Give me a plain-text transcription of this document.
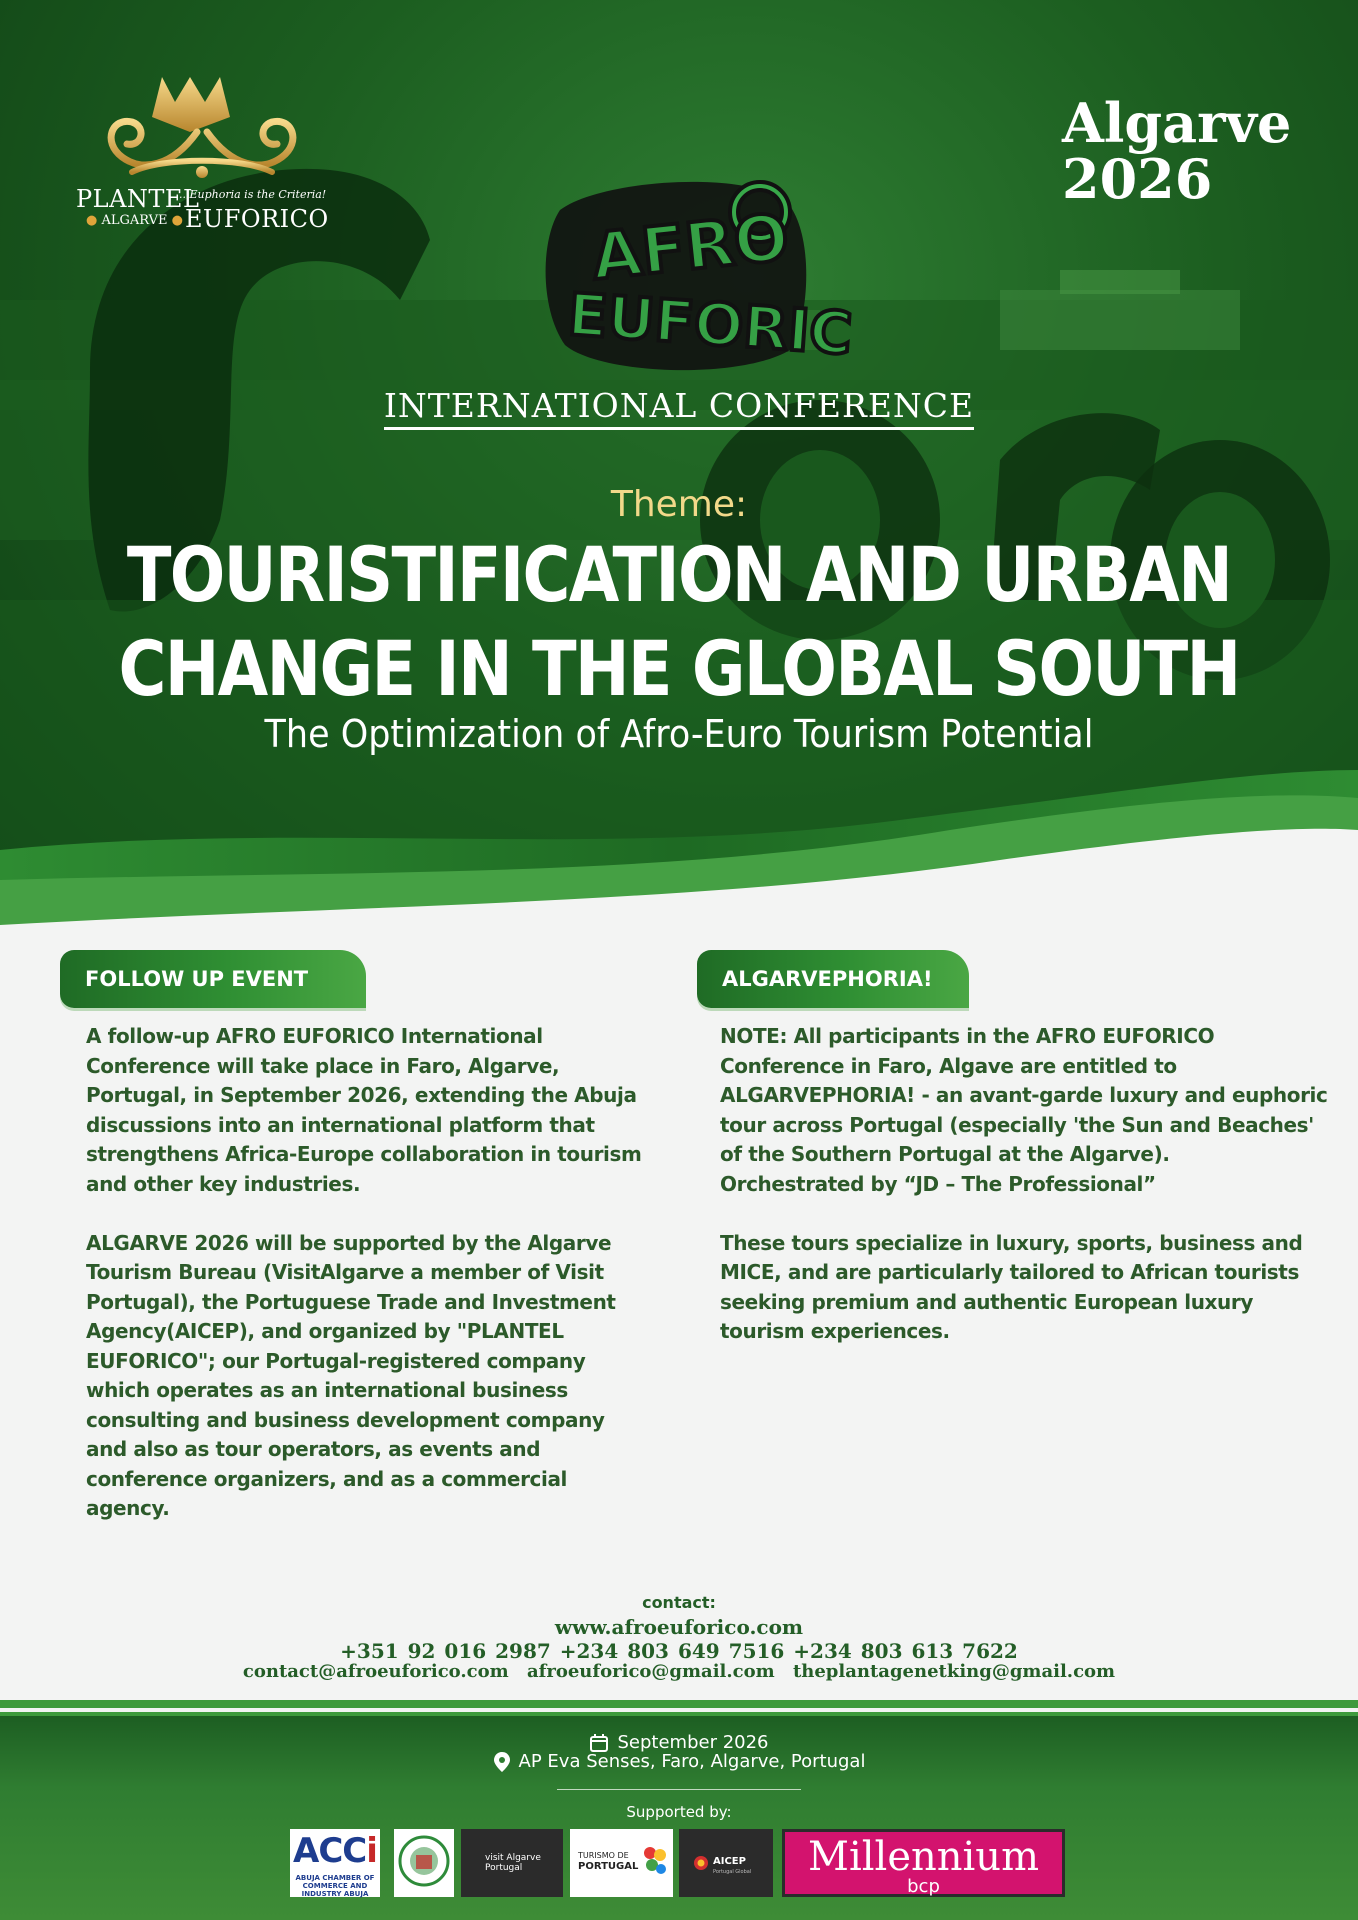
PLANTEL
...Euphoria is the Criteria!
● ALGARVE ● EUFORICO
Algarve
2026
AFRO
EUFORIC
INTERNATIONAL CONFERENCE
Theme:
TOURISTIFICATION AND URBAN
CHANGE IN THE GLOBAL SOUTH
The Optimization of Afro-Euro Tourism Potential
FOLLOW UP EVENT

A follow-up AFRO EUFORICO International Conference will take place in Faro, Algarve, Portugal, in September 2026, extending the Abuja discussions into an international platform that strengthens Africa-Europe collaboration in tourism and other key industries.

ALGARVE 2026 will be supported by the Algarve Tourism Bureau (VisitAlgarve a member of Visit Portugal), the Portuguese Trade and Investment Agency(AICEP), and organized by "PLANTEL EUFORICO"; our Portugal-registered company which operates as an international business consulting and business development company and also as tour operators, as events and conference organizers, and as a commercial agency.

ALGARVEPHORIA!

NOTE: All participants in the AFRO EUFORICO Conference in Faro, Algave are entitled to ALGARVEPHORIA! - an avant-garde luxury and euphoric tour across Portugal (especially 'the Sun and Beaches' of the Southern Portugal at the Algarve).

Orchestrated by “JD – The Professional”

These tours specialize in luxury, sports, business and MICE, and are particularly tailored to African tourists seeking premium and authentic European luxury tourism experiences.

contact:
www.afroeuforico.com
+351 92 016 2987 +234 803 649 7516 +234 803 613 7622
contact@afroeuforico.com afroeuforico@gmail.com theplantagenetking@gmail.com
September 2026
AP Eva Senses, Faro, Algarve, Portugal
Supported by:
ACCi
ABUJA CHAMBER OF COMMERCE AND INDUSTRY ABUJA
visit Algarve Portugal
TURISMO DE
PORTUGAL	AICEP
Portugal Global	Millennium
bcp
